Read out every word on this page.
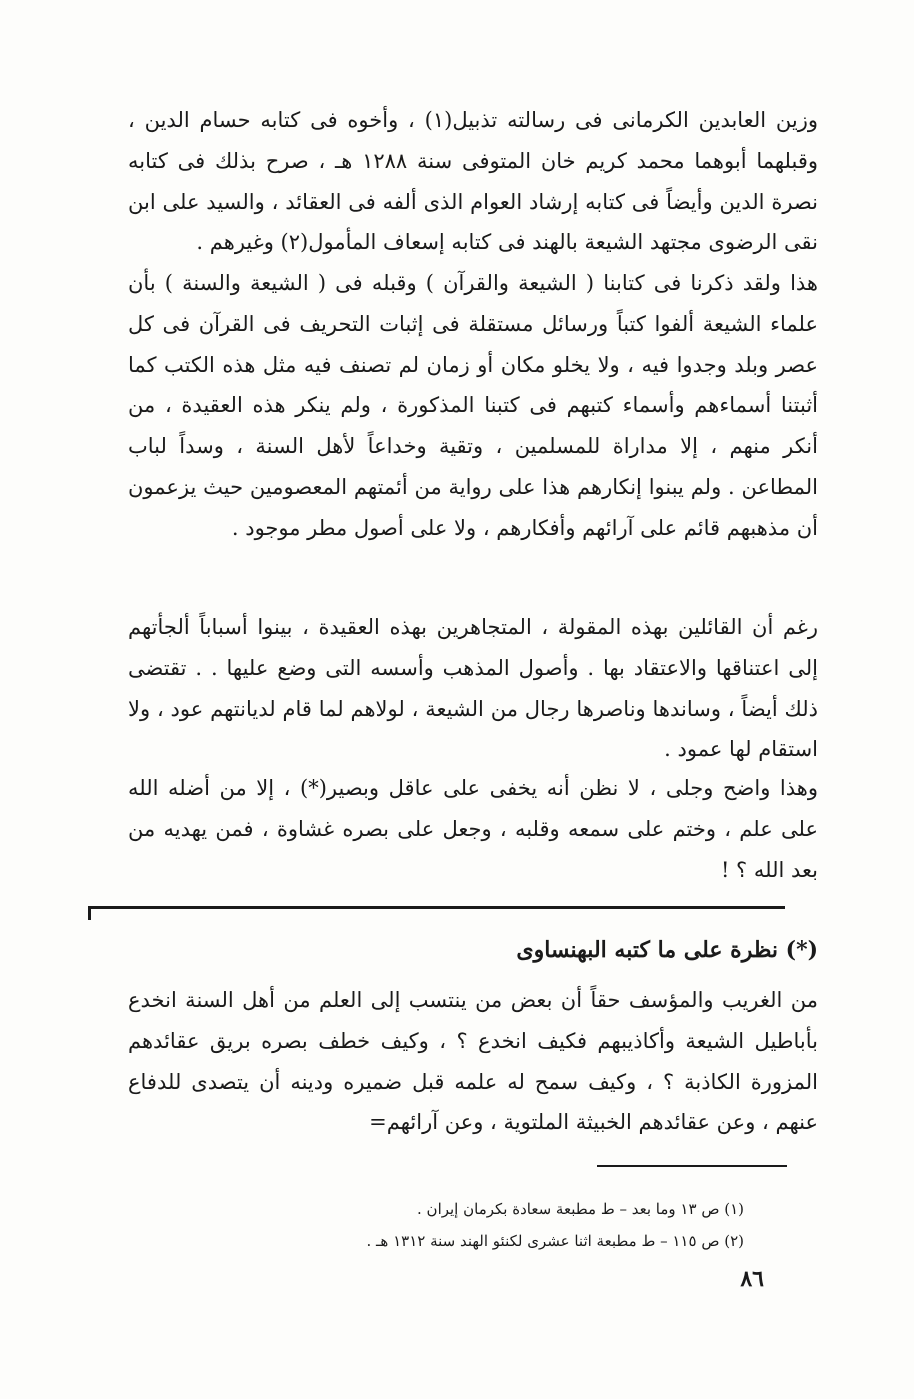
وزين العابدين الكرمانى فى رسالته تذبيل(١) ، وأخوه فى كتابه حسام الدين ، وقبلهما أبوهما محمد كريم خان المتوفى سنة ١٢٨٨ هـ ، صرح بذلك فى كتابه نصرة الدين وأيضاً فى كتابه إرشاد العوام الذى ألفه فى العقائد ، والسيد على ابن نقى الرضوى مجتهد الشيعة بالهند فى كتابه إسعاف المأمول(٢) وغيرهم .

هذا ولقد ذكرنا فى كتابنا ( الشيعة والقرآن ) وقبله فى ( الشيعة والسنة ) بأن علماء الشيعة ألفوا كتباً ورسائل مستقلة فى إثبات التحريف فى القرآن فى كل عصر وبلد وجدوا فيه ، ولا يخلو مكان أو زمان لم تصنف فيه مثل هذه الكتب كما أثبتنا أسماءهم وأسماء كتبهم فى كتبنا المذكورة ، ولم ينكر هذه العقيدة ، من أنكر منهم ، إلا مداراة للمسلمين ، وتقية وخداعاً لأهل السنة ، وسداً لباب المطاعن . ولم يبنوا إنكارهم هذا على رواية من أئمتهم المعصومين حيث يزعمون أن مذهبهم قائم على آرائهم وأفكارهم ، ولا على أصول مطر موجود .

رغم أن القائلين بهذه المقولة ، المتجاهرين بهذه العقيدة ، بينوا أسباباً ألجأتهم إلى اعتناقها والاعتقاد بها . وأصول المذهب وأسسه التى وضع عليها . . تقتضى ذلك أيضاً ، وساندها وناصرها رجال من الشيعة ، لولاهم لما قام لديانتهم عود ، ولا استقام لها عمود .

وهذا واضح وجلى ، لا نظن أنه يخفى على عاقل وبصير(*) ، إلا من أضله الله على علم ، وختم على سمعه وقلبه ، وجعل على بصره غشاوة ، فمن يهديه من بعد الله ؟ !

(*) نظرة على ما كتبه البهنساوى

من الغريب والمؤسف حقاً أن بعض من ينتسب إلى العلم من أهل السنة انخدع بأباطيل الشيعة وأكاذيبهم فكيف انخدع ؟ ، وكيف خطف بصره بريق عقائدهم المزورة الكاذبة ؟ ، وكيف سمح له علمه قبل ضميره ودينه أن يتصدى للدفاع عنهم ، وعن عقائدهم الخبيثة الملتوية ، وعن آرائهم=

(١) ص ١٣ وما بعد – ط مطبعة سعادة بكرمان إيران .

(٢) ص ١١٥ – ط مطبعة اثنا عشرى لكنئو الهند سنة ١٣١٢ هـ .

٨٦
